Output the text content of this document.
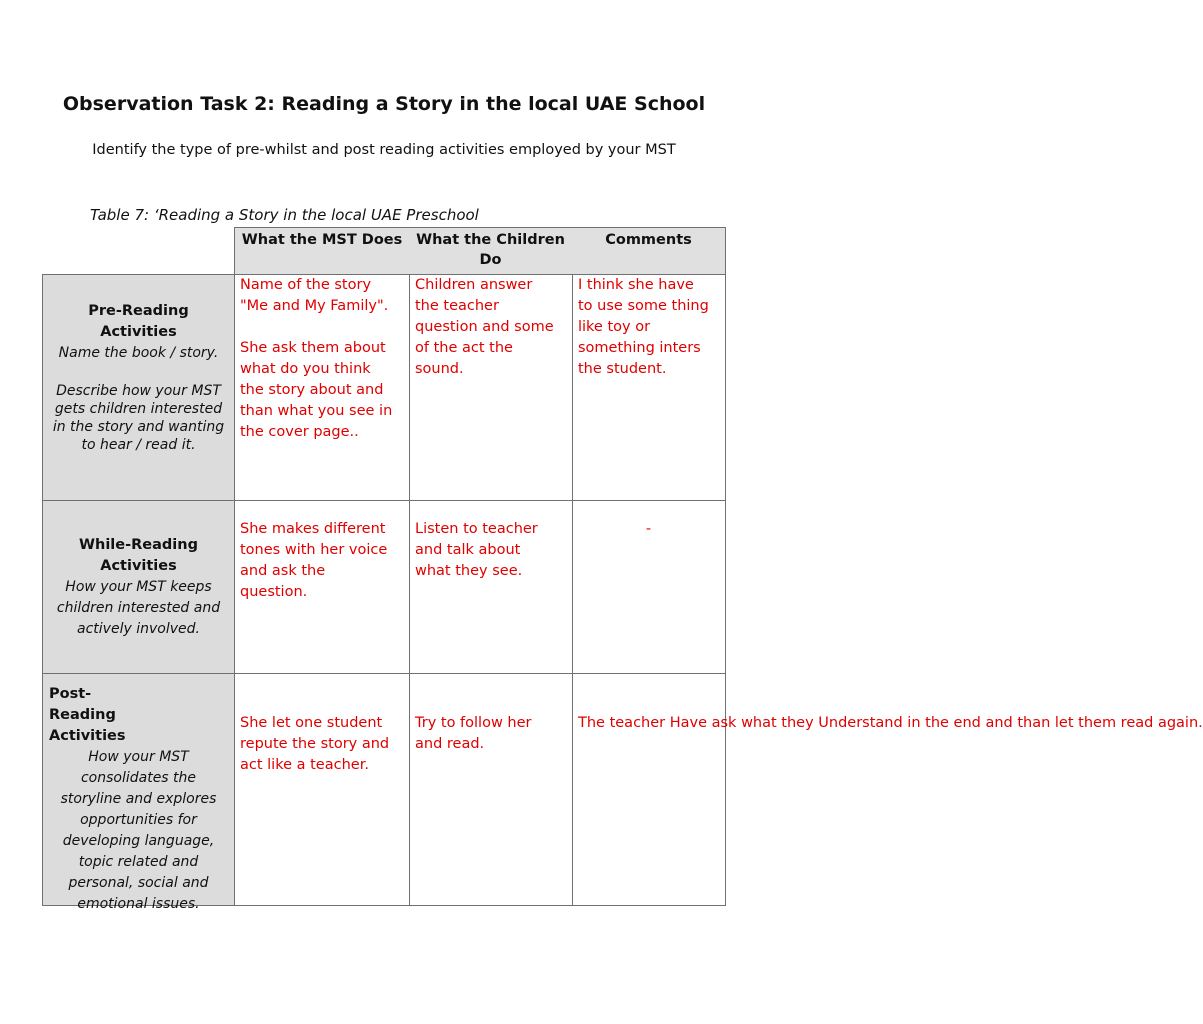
Observation Task 2: Reading a Story in the local UAE School

Identify the type of pre-whilst and post reading activities employed by your MST

Table 7: ‘Reading a Story in the local UAE Preschool

What the MST Does What the Children Do
Comments
Pre-Reading Activities
Name the book / story.
Describe how your MST gets children interested in the story and wanting to hear / read it.
Name of the story
"Me and My Family".

She ask them about
what do you think
the story about and
than what you see in
the cover page..
Children answer
the teacher
question and some
of the act the
sound.
I think she have
to use some thing
like toy or
something inters
the student.
While-Reading Activities
How your MST keeps children interested and actively involved.
She makes different
tones with her voice
and ask the
question.
Listen to teacher
and talk about
what they see.
-
Post-Reading Activities
How your MST consolidates the storyline and explores opportunities for developing language, topic related and personal, social and emotional issues.
She let one student
repute the story and
act like a teacher.
Try to follow her
and read.
The teacher Have ask what they Understand in the end and than let them read again.
